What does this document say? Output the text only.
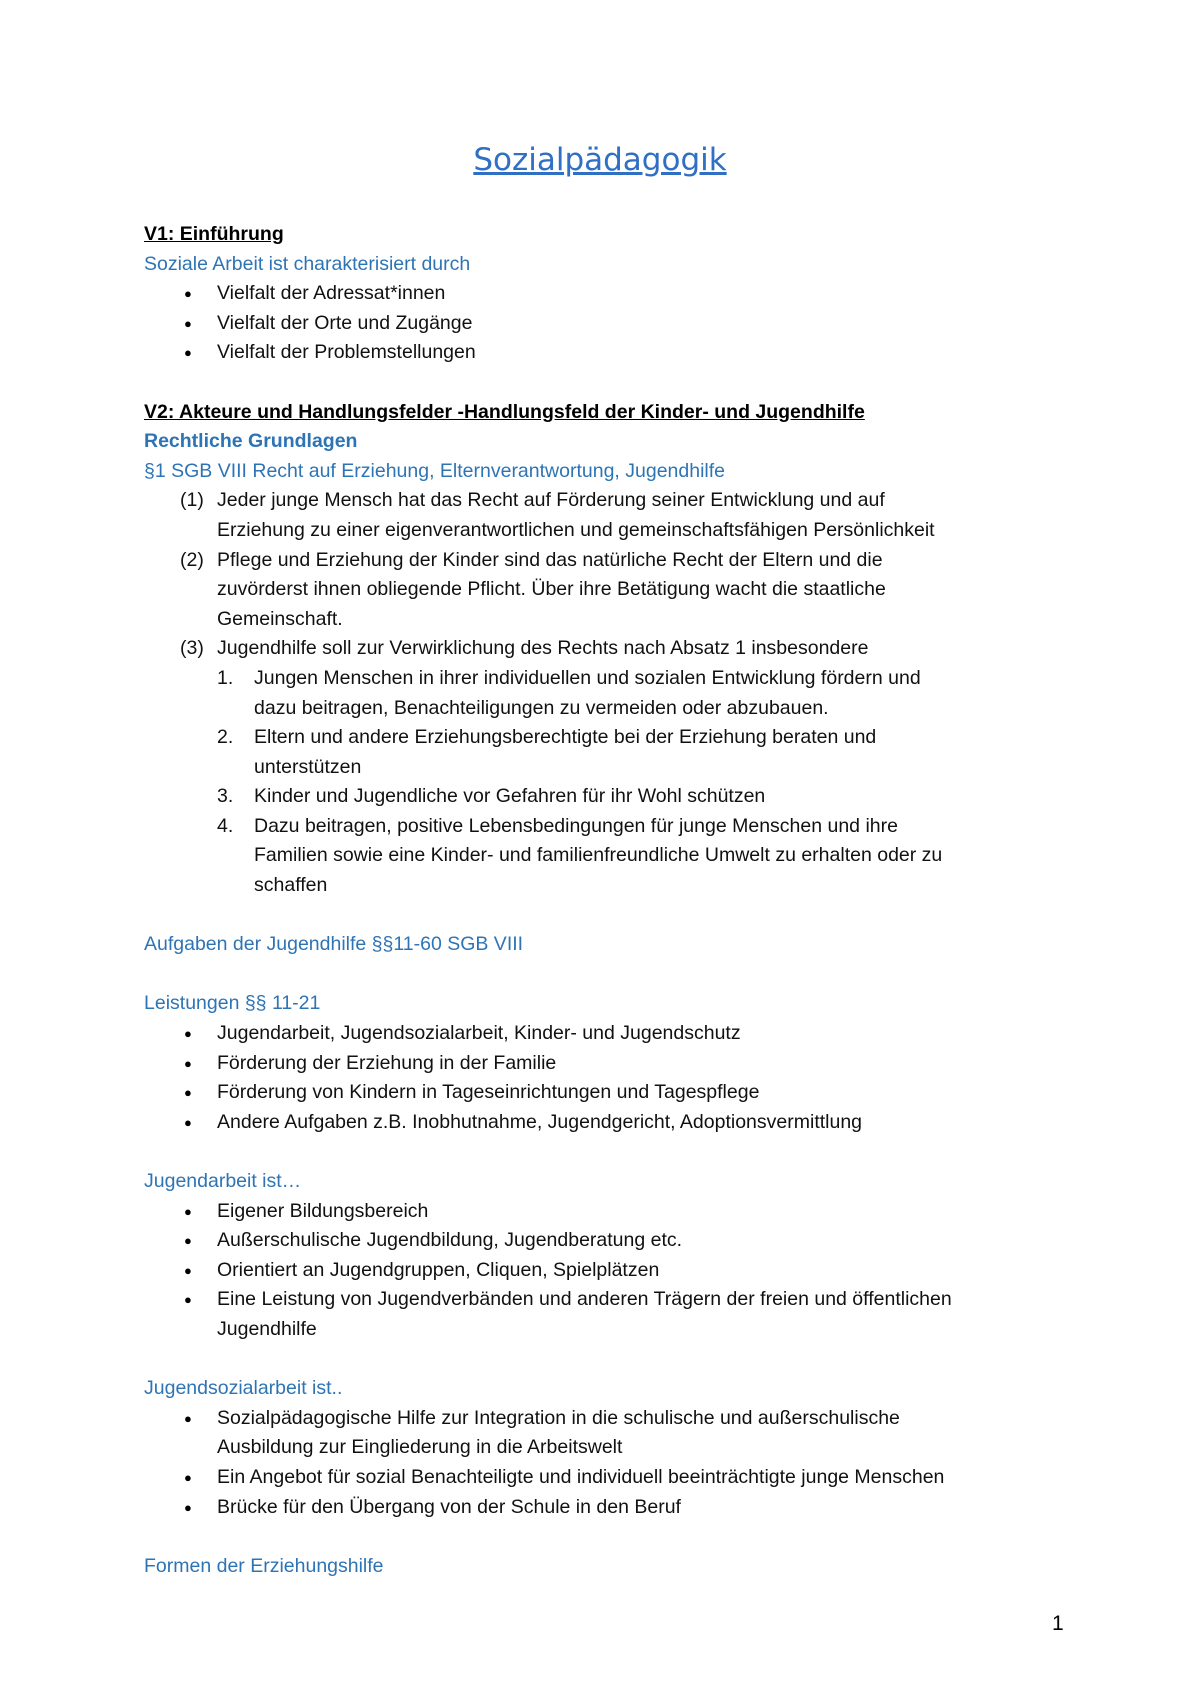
Sozialpädagogik
V1: Einführung
Soziale Arbeit ist charakterisiert durch
● Vielfalt der Adressat*innen
● Vielfalt der Orte und Zugänge
● Vielfalt der Problemstellungen
V2: Akteure und Handlungsfelder -Handlungsfeld der Kinder- und Jugendhilfe
Rechtliche Grundlagen
§1 SGB VIII Recht auf Erziehung, Elternverantwortung, Jugendhilfe
(1) Jeder junge Mensch hat das Recht auf Förderung seiner Entwicklung und auf
Erziehung zu einer eigenverantwortlichen und gemeinschaftsfähigen Persönlichkeit
(2) Pflege und Erziehung der Kinder sind das natürliche Recht der Eltern und die
zuvörderst ihnen obliegende Pflicht. Über ihre Betätigung wacht die staatliche
Gemeinschaft.
(3) Jugendhilfe soll zur Verwirklichung des Rechts nach Absatz 1 insbesondere
1. Jungen Menschen in ihrer individuellen und sozialen Entwicklung fördern und
dazu beitragen, Benachteiligungen zu vermeiden oder abzubauen.
2. Eltern und andere Erziehungsberechtigte bei der Erziehung beraten und
unterstützen
3. Kinder und Jugendliche vor Gefahren für ihr Wohl schützen
4. Dazu beitragen, positive Lebensbedingungen für junge Menschen und ihre
Familien sowie eine Kinder- und familienfreundliche Umwelt zu erhalten oder zu
schaffen
Aufgaben der Jugendhilfe §§11-60 SGB VIII
Leistungen §§ 11-21
● Jugendarbeit, Jugendsozialarbeit, Kinder- und Jugendschutz
● Förderung der Erziehung in der Familie
● Förderung von Kindern in Tageseinrichtungen und Tagespflege
● Andere Aufgaben z.B. Inobhutnahme, Jugendgericht, Adoptionsvermittlung
Jugendarbeit ist…
● Eigener Bildungsbereich
● Außerschulische Jugendbildung, Jugendberatung etc.
● Orientiert an Jugendgruppen, Cliquen, Spielplätzen
● Eine Leistung von Jugendverbänden und anderen Trägern der freien und öffentlichen
Jugendhilfe
Jugendsozialarbeit ist..
● Sozialpädagogische Hilfe zur Integration in die schulische und außerschulische
Ausbildung zur Eingliederung in die Arbeitswelt
● Ein Angebot für sozial Benachteiligte und individuell beeinträchtigte junge Menschen
● Brücke für den Übergang von der Schule in den Beruf
Formen der Erziehungshilfe
1
